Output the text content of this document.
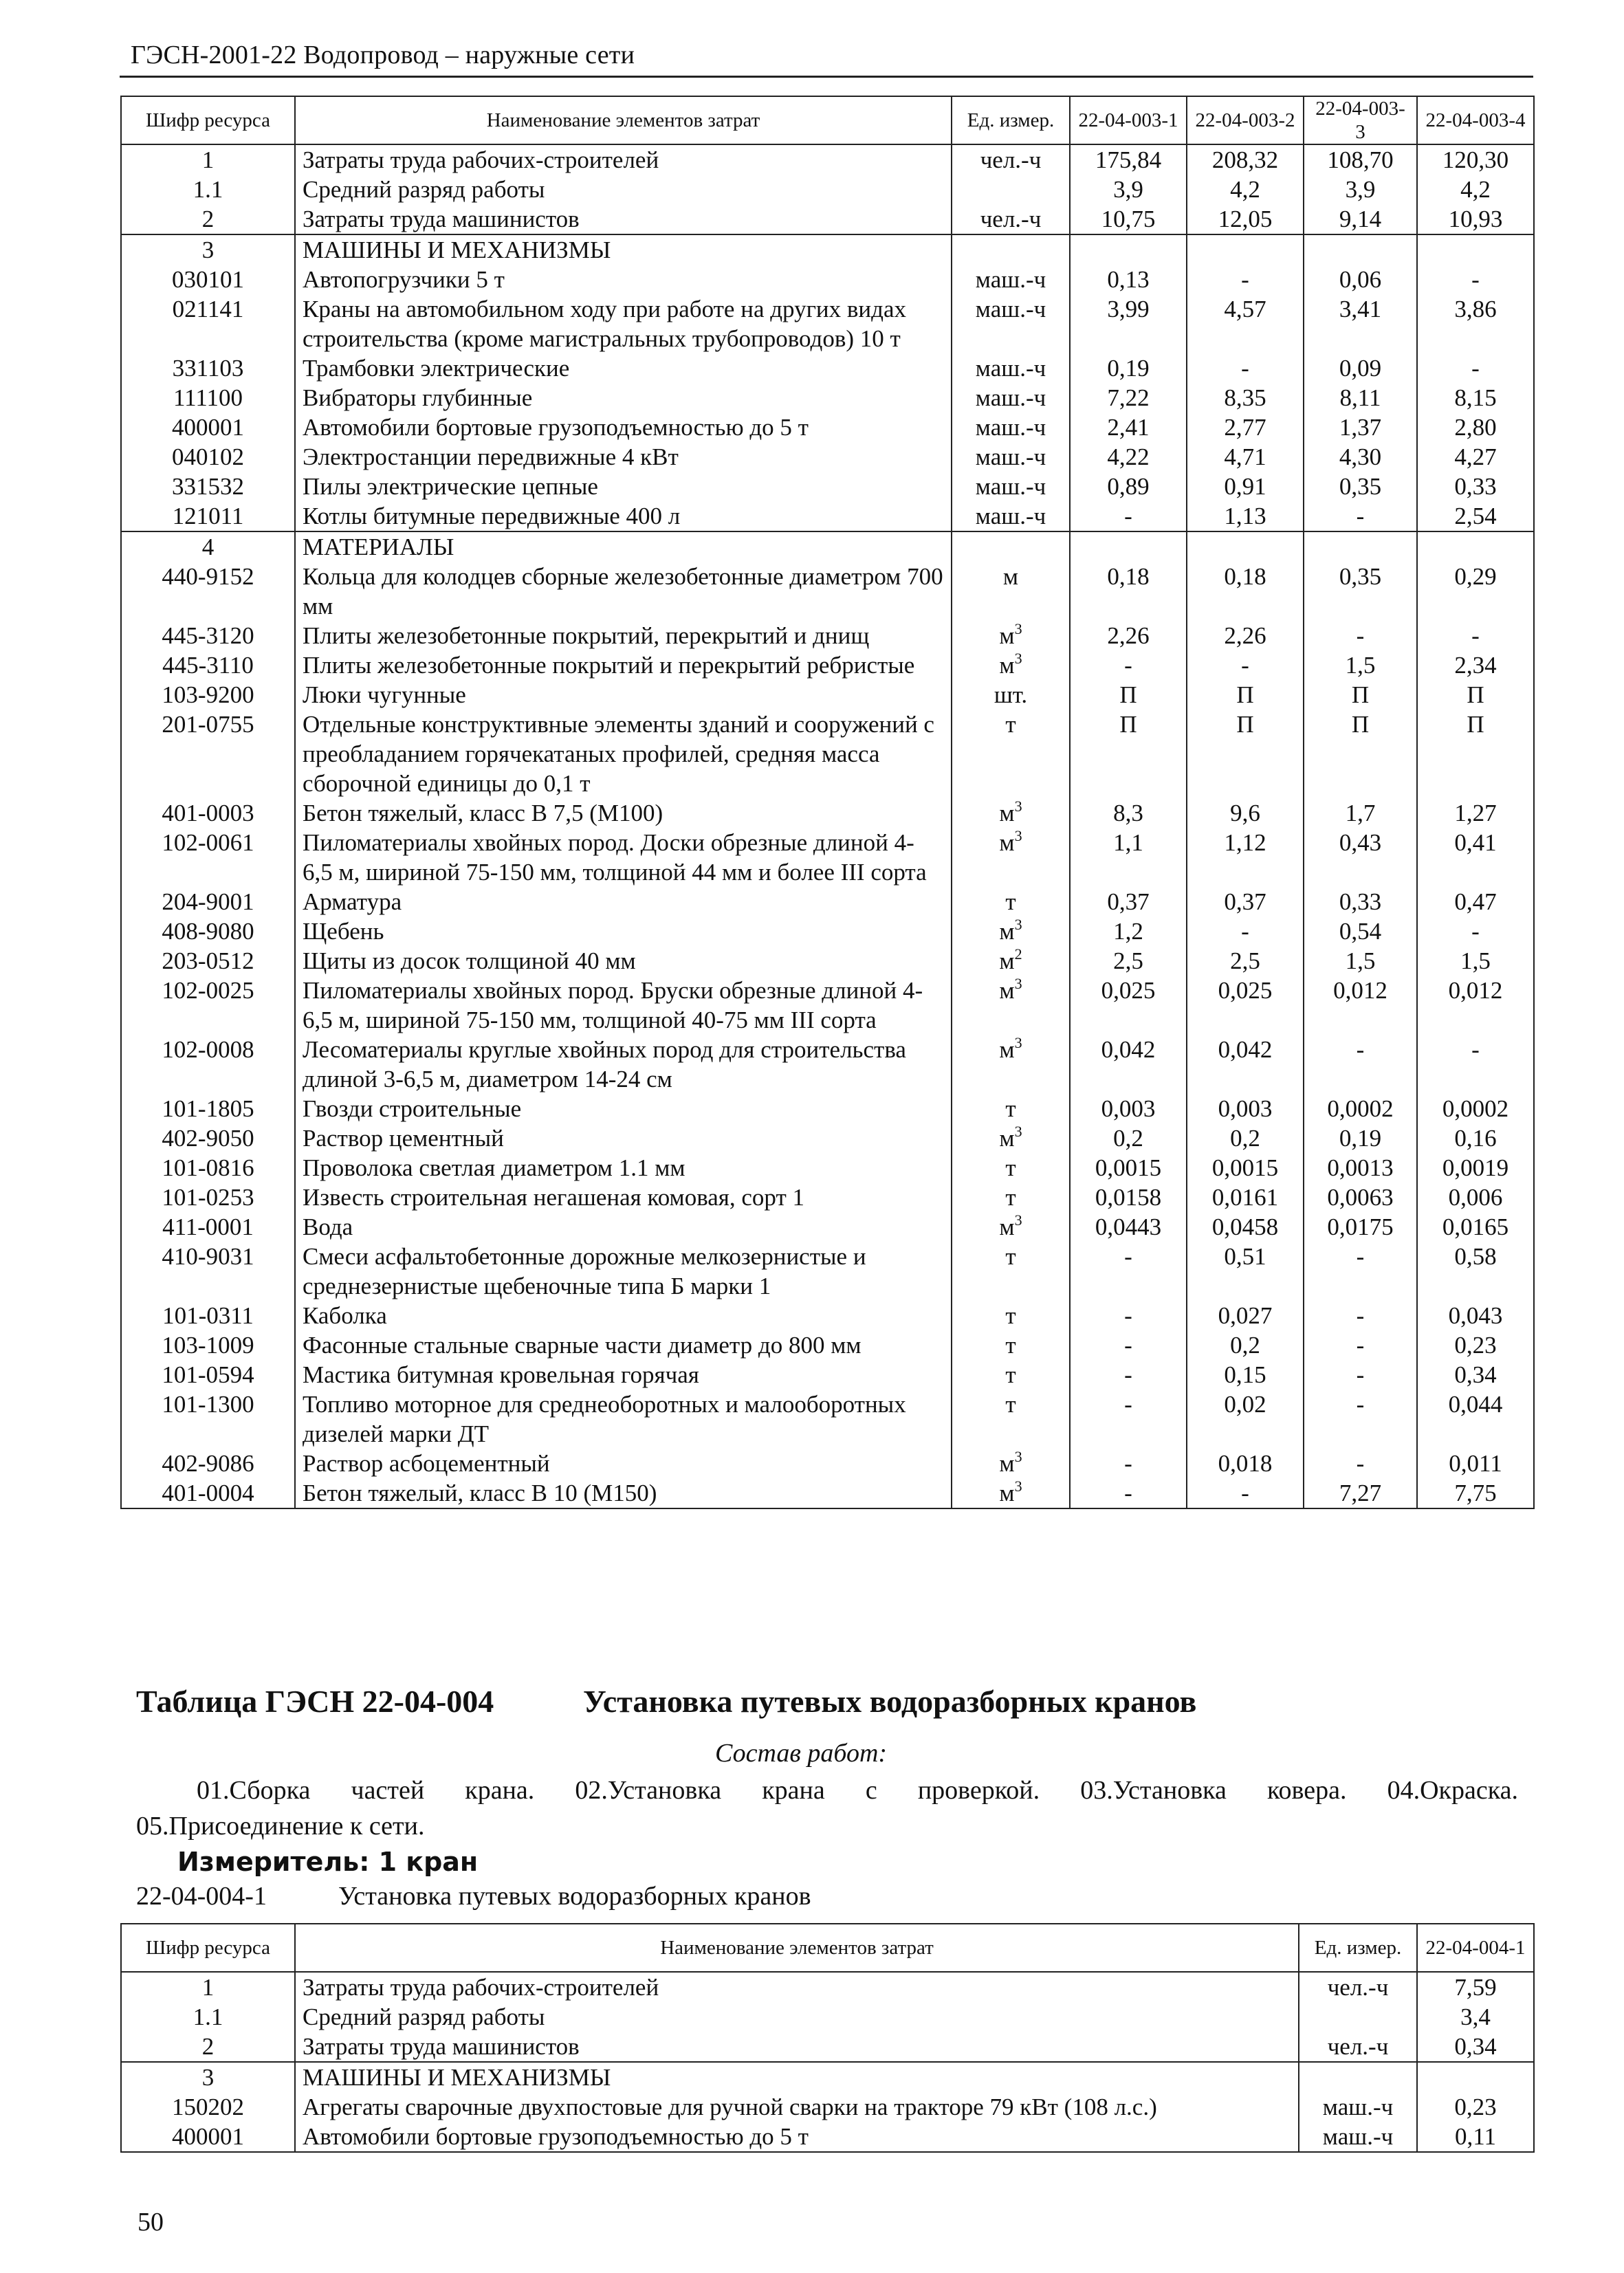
ГЭСН-2001-22 Водопровод – наружные сети
Шифр ресурса	Наименование элементов затрат	Ед. измер.	22-04-003-1	22-04-003-2	22-04-003-3	22-04-003-4
1	Затраты труда рабочих-строителей	чел.-ч	175,84	208,32	108,70	120,30
1.1	Средний разряд работы		3,9	4,2	3,9	4,2
2	Затраты труда машинистов	чел.-ч	10,75	12,05	9,14	10,93
3	МАШИНЫ И МЕХАНИЗМЫ					
030101	Автопогрузчики 5 т	маш.-ч	0,13	-	0,06	-
021141	Краны на автомобильном ходу при работе на других видах строительства (кроме магистральных трубопроводов) 10 т	маш.-ч	3,99	4,57	3,41	3,86
331103	Трамбовки электрические	маш.-ч	0,19	-	0,09	-
111100	Вибраторы глубинные	маш.-ч	7,22	8,35	8,11	8,15
400001	Автомобили бортовые грузоподъемностью до 5 т	маш.-ч	2,41	2,77	1,37	2,80
040102	Электростанции передвижные 4 кВт	маш.-ч	4,22	4,71	4,30	4,27
331532	Пилы электрические цепные	маш.-ч	0,89	0,91	0,35	0,33
121011	Котлы битумные передвижные 400 л	маш.-ч	-	1,13	-	2,54
4	МАТЕРИАЛЫ					
440-9152	Кольца для колодцев сборные железобетонные диаметром 700 мм	м	0,18	0,18	0,35	0,29
445-3120	Плиты железобетонные покрытий, перекрытий и днищ	$м^3$	2,26	2,26	-	-
445-3110	Плиты железобетонные покрытий и перекрытий ребристые	$м^3$	-	-	1,5	2,34
103-9200	Люки чугунные	шт.	П	П	П	П
201-0755	Отдельные конструктивные элементы зданий и сооружений с преобладанием горячекатаных профилей, средняя масса сборочной единицы до 0,1 т	т	П	П	П	П
401-0003	Бетон тяжелый, класс В 7,5 (М100)	$м^3$	8,3	9,6	1,7	1,27
102-0061	Пиломатериалы хвойных пород. Доски обрезные длиной 4-6,5 м, шириной 75-150 мм, толщиной 44 мм и более III сорта	$м^3$	1,1	1,12	0,43	0,41
204-9001	Арматура	т	0,37	0,37	0,33	0,47
408-9080	Щебень	$м^3$	1,2	-	0,54	-
203-0512	Щиты из досок толщиной 40 мм	$м^2$	2,5	2,5	1,5	1,5
102-0025	Пиломатериалы хвойных пород. Бруски обрезные длиной 4-6,5 м, шириной 75-150 мм, толщиной 40-75 мм III сорта	$м^3$	0,025	0,025	0,012	0,012
102-0008	Лесоматериалы круглые хвойных пород для строительства длиной 3-6,5 м, диаметром 14-24 см	$м^3$	0,042	0,042	-	-
101-1805	Гвозди строительные	т	0,003	0,003	0,0002	0,0002
402-9050	Раствор цементный	$м^3$	0,2	0,2	0,19	0,16
101-0816	Проволока светлая диаметром 1.1 мм	т	0,0015	0,0015	0,0013	0,0019
101-0253	Известь строительная негашеная комовая, сорт 1	т	0,0158	0,0161	0,0063	0,006
411-0001	Вода	$м^3$	0,0443	0,0458	0,0175	0,0165
410-9031	Смеси асфальтобетонные дорожные мелкозернистые и среднезернистые щебеночные типа Б марки 1	т	-	0,51	-	0,58
101-0311	Каболка	т	-	0,027	-	0,043
103-1009	Фасонные стальные сварные части диаметр до 800 мм	т	-	0,2	-	0,23
101-0594	Мастика битумная кровельная горячая	т	-	0,15	-	0,34
101-1300	Топливо моторное для среднеоборотных и малооборотных дизелей марки ДТ	т	-	0,02	-	0,044
402-9086	Раствор асбоцементный	$м^3$	-	0,018	-	0,011
401-0004	Бетон тяжелый, класс В 10 (М150)	$м^3$	-	-	7,27	7,75
Таблица ГЭСН 22-04-004	Установка путевых водоразборных кранов
Состав работ:
01.Сборка частей крана. 02.Установка крана с проверкой. 03.Установка ковера. 04.Окраска.
05.Присоединение к сети.
Измеритель: 1 кран
22-04-004-1	Установка путевых водоразборных кранов
Шифр ресурса	Наименование элементов затрат	Ед. измер.	22-04-004-1
1	Затраты труда рабочих-строителей	чел.-ч	7,59
1.1	Средний разряд работы		3,4
2	Затраты труда машинистов	чел.-ч	0,34
3	МАШИНЫ И МЕХАНИЗМЫ		
150202	Агрегаты сварочные двухпостовые для ручной сварки на тракторе 79 кВт (108 л.с.)	маш.-ч	0,23
400001	Автомобили бортовые грузоподъемностью до 5 т	маш.-ч	0,11
50
